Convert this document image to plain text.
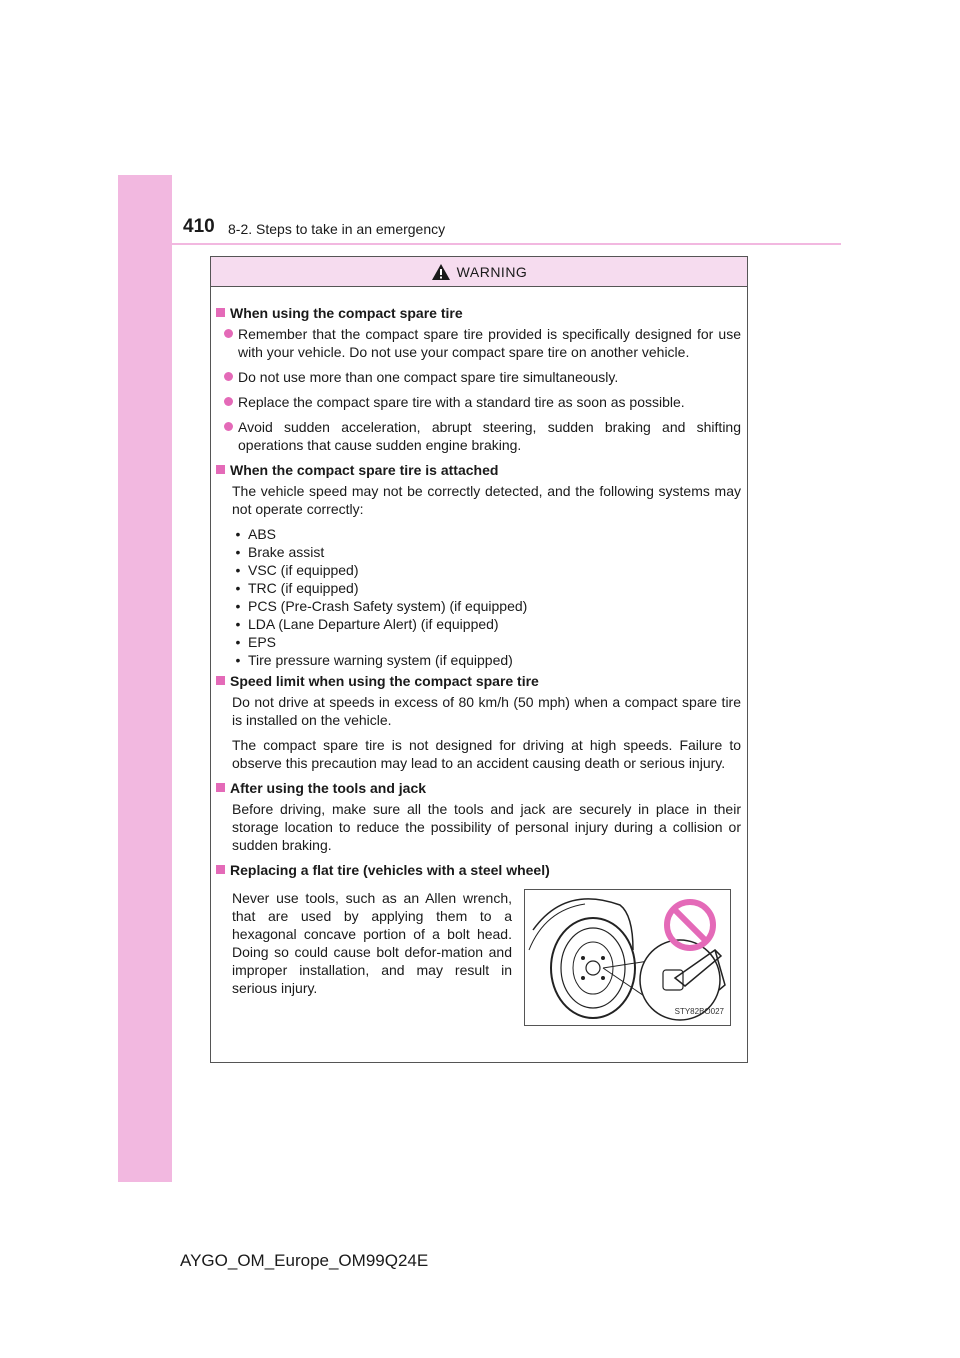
410 8-2. Steps to take in an emergency
WARNING
When using the compact spare tire
Remember that the compact spare tire provided is specifically designed for use with your vehicle. Do not use your compact spare tire on another vehicle.
Do not use more than one compact spare tire simultaneously.
Replace the compact spare tire with a standard tire as soon as possible.
Avoid sudden acceleration, abrupt steering, sudden braking and shifting operations that cause sudden engine braking.
When the compact spare tire is attached
The vehicle speed may not be correctly detected, and the following systems may not operate correctly:
• ABS
• Brake assist
• VSC (if equipped)
• TRC (if equipped)
• PCS (Pre-Crash Safety system) (if equipped)
• LDA (Lane Departure Alert) (if equipped)
• EPS
• Tire pressure warning system (if equipped)
Speed limit when using the compact spare tire
Do not drive at speeds in excess of 80 km/h (50 mph) when a compact spare tire is installed on the vehicle.
The compact spare tire is not designed for driving at high speeds. Failure to observe this precaution may lead to an accident causing death or serious injury.
After using the tools and jack
Before driving, make sure all the tools and jack are securely in place in their storage location to reduce the possibility of personal injury during a collision or sudden braking.
Replacing a flat tire (vehicles with a steel wheel)
Never use tools, such as an Allen wrench, that are used by applying them to a hexagonal concave portion of a bolt head. Doing so could cause bolt defor-mation and improper installation, and may result in serious injury.
STY82BO027
AYGO_OM_Europe_OM99Q24E
